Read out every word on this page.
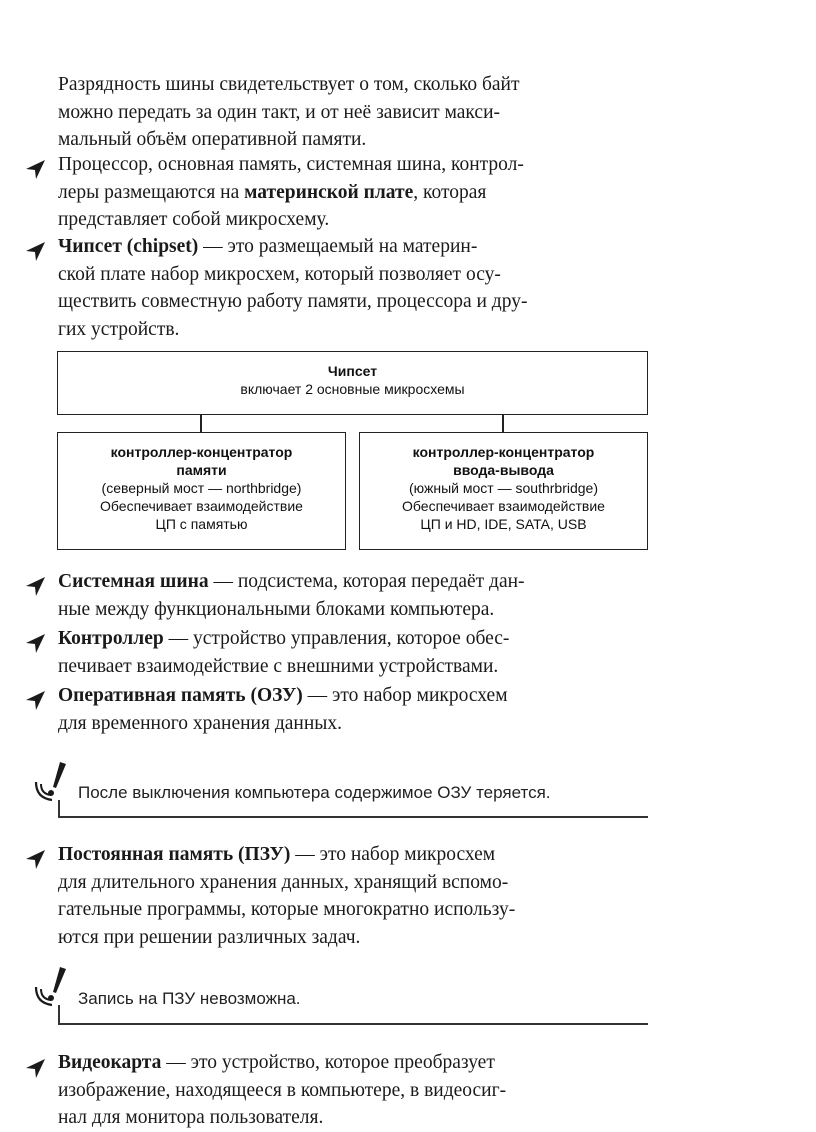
Разрядность шины свидетельствует о том, сколько байт
можно передать за один такт, и от неё зависит макси-
мальный объём оперативной памяти.
Процессор, основная память, системная шина, контрол-
леры размещаются на материнской плате, которая
представляет собой микросхему.
Чипсет (chipset) — это размещаемый на материн-
ской плате набор микросхем, который позволяет осу-
ществить совместную работу памяти, процессора и дру-
гих устройств.
Чипсет
включает 2 основные микросхемы
контроллер-концентратор
памяти
(северный мост — northbridge)
Обеспечивает взаимодействие
ЦП с памятью
контроллер-концентратор
ввода-вывода
(южный мост — southrbridge)
Обеспечивает взаимодействие
ЦП и HD, IDE, SATA, USB
Системная шина — подсистема, которая передаёт дан-
ные между функциональными блоками компьютера.
Контроллер — устройство управления, которое обес-
печивает взаимодействие с внешними устройствами.
Оперативная память (ОЗУ) — это набор микросхем
для временного хранения данных.
После выключения компьютера содержимое ОЗУ теряется.
Постоянная память (ПЗУ) — это набор микросхем
для длительного хранения данных, хранящий вспомо-
гательные программы, которые многократно использу-
ются при решении различных задач.
Запись на ПЗУ невозможна.
Видеокарта — это устройство, которое преобразует
изображение, находящееся в компьютере, в видеосиг-
нал для монитора пользователя.
